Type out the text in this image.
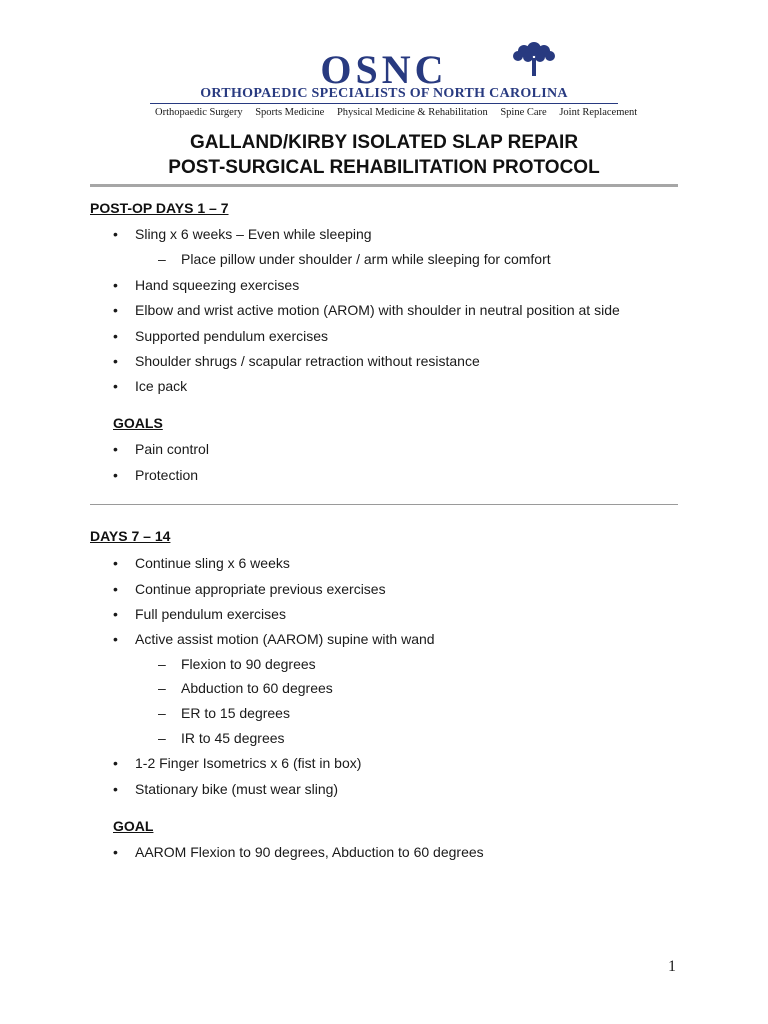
OSNC
ORTHOPAEDIC SPECIALISTS OF NORTH CAROLINA
Orthopaedic Surgery Sports Medicine Physical Medicine & Rehabilitation Spine Care Joint Replacement
GALLAND/KIRBY ISOLATED SLAP REPAIR
POST-SURGICAL REHABILITATION PROTOCOL
POST-OP DAYS 1 – 7
• Sling x 6 weeks – Even while sleeping
– Place pillow under shoulder / arm while sleeping for comfort
• Hand squeezing exercises
• Elbow and wrist active motion (AROM) with shoulder in neutral position at side
• Supported pendulum exercises
• Shoulder shrugs / scapular retraction without resistance
• Ice pack
GOALS
• Pain control
• Protection
DAYS 7 – 14
• Continue sling x 6 weeks
• Continue appropriate previous exercises
• Full pendulum exercises
• Active assist motion (AAROM) supine with wand
– Flexion to 90 degrees
– Abduction to 60 degrees
– ER to 15 degrees
– IR to 45 degrees
• 1-2 Finger Isometrics x 6 (fist in box)
• Stationary bike (must wear sling)
GOAL
• AAROM Flexion to 90 degrees, Abduction to 60 degrees
1
